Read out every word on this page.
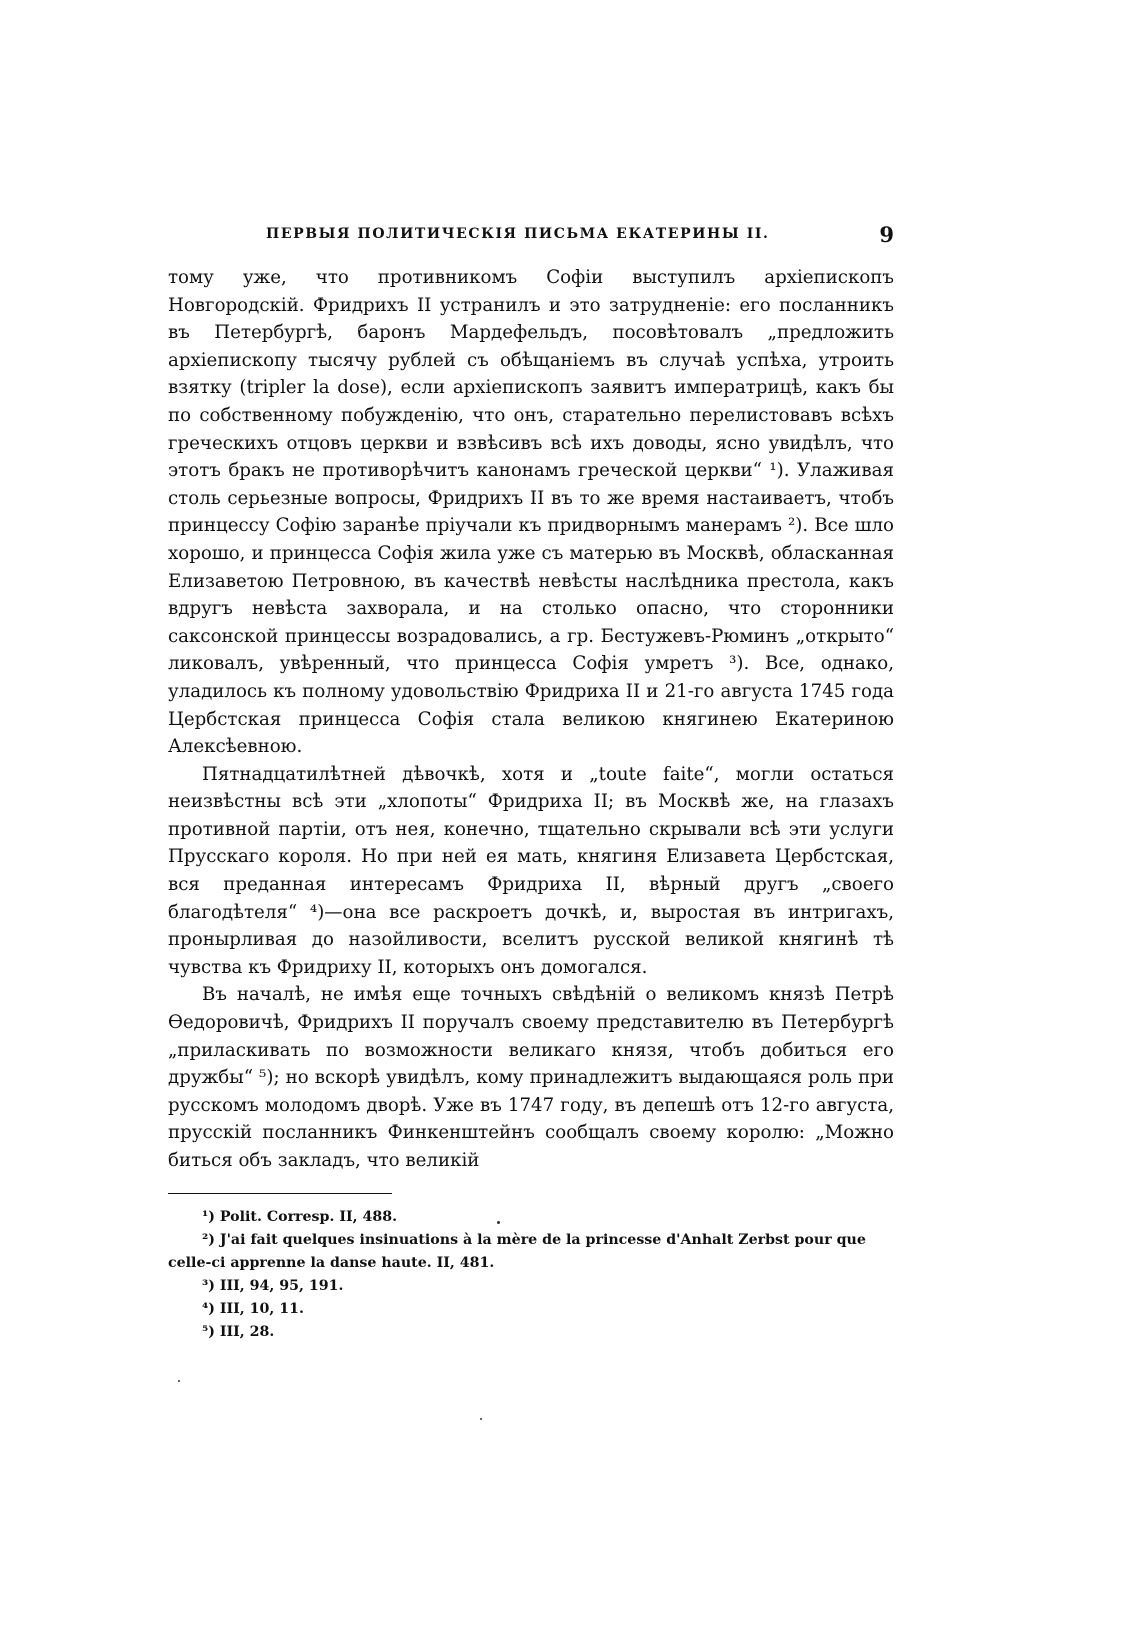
ПЕРВЫЯ ПОЛИТИЧЕСКІЯ ПИСЬМА ЕКАТЕРИНЫ II.	9

тому уже, что противникомъ Софіи выступилъ архіепископъ Новгородскій. Фридрихъ II устранилъ и это затрудненіе: его посланникъ въ Петербургѣ, баронъ Мардефельдъ, посовѣтовалъ „предложить архіепископу тысячу рублей съ обѣщаніемъ въ случаѣ успѣха, утроить взятку (tripler la dose), если архіепископъ заявитъ императрицѣ, какъ бы по собственному побужденію, что онъ, старательно перелистовавъ всѣхъ греческихъ отцовъ церкви и взвѣсивъ всѣ ихъ доводы, ясно увидѣлъ, что этотъ бракъ не противорѣчитъ канонамъ греческой церкви“ ¹). Улаживая столь серьезные вопросы, Фридрихъ II въ то же время настаиваетъ, чтобъ принцессу Софію заранѣе пріучали къ придворнымъ манерамъ ²). Все шло хорошо, и принцесса Софія жила уже съ матерью въ Москвѣ, обласканная Елизаветою Петровною, въ качествѣ невѣсты наслѣдника престола, какъ вдругъ невѣста захворала, и на столько опасно, что сторонники саксонской принцессы возрадовались, а гр. Бестужевъ-Рюминъ „открыто“ ликовалъ, увѣренный, что принцесса Софія умретъ ³). Все, однако, уладилось къ полному удовольствію Фридриха II и 21-го августа 1745 года Цербстская принцесса Софія стала великою княгинею Екатериною Алексѣевною.

Пятнадцатилѣтней дѣвочкѣ, хотя и „toute faite“, могли остаться неизвѣстны всѣ эти „хлопоты“ Фридриха II; въ Москвѣ же, на глазахъ противной партіи, отъ нея, конечно, тщательно скрывали всѣ эти услуги Прусскаго короля. Но при ней ея мать, княгиня Елизавета Цербстская, вся преданная интересамъ Фридриха II, вѣрный другъ „своего благодѣтеля“ ⁴)—она все раскроетъ дочкѣ, и, выростая въ интригахъ, пронырливая до назойливости, вселитъ русской великой княгинѣ тѣ чувства къ Фридриху II, которыхъ онъ домогался.

Въ началѣ, не имѣя еще точныхъ свѣдѣній о великомъ князѣ Петрѣ Ѳедоровичѣ, Фридрихъ II поручалъ своему представителю въ Петербургѣ „приласкивать по возможности великаго князя, чтобъ добиться его дружбы“ ⁵); но вскорѣ увидѣлъ, кому принадлежитъ выдающаяся роль при русскомъ молодомъ дворѣ. Уже въ 1747 году, въ депешѣ отъ 12-го августа, прусскій посланникъ Финкенштейнъ сообщалъ своему королю: „Можно биться объ закладъ, что великій

¹) Polit. Corresp. II, 488.

²) J'ai fait quelques insinuations à la mère de la princesse d'Anhalt Zerbst pour que celle-ci apprenne la danse haute. II, 481.

³) III, 94, 95, 191.

⁴) III, 10, 11.

⁵) III, 28.
